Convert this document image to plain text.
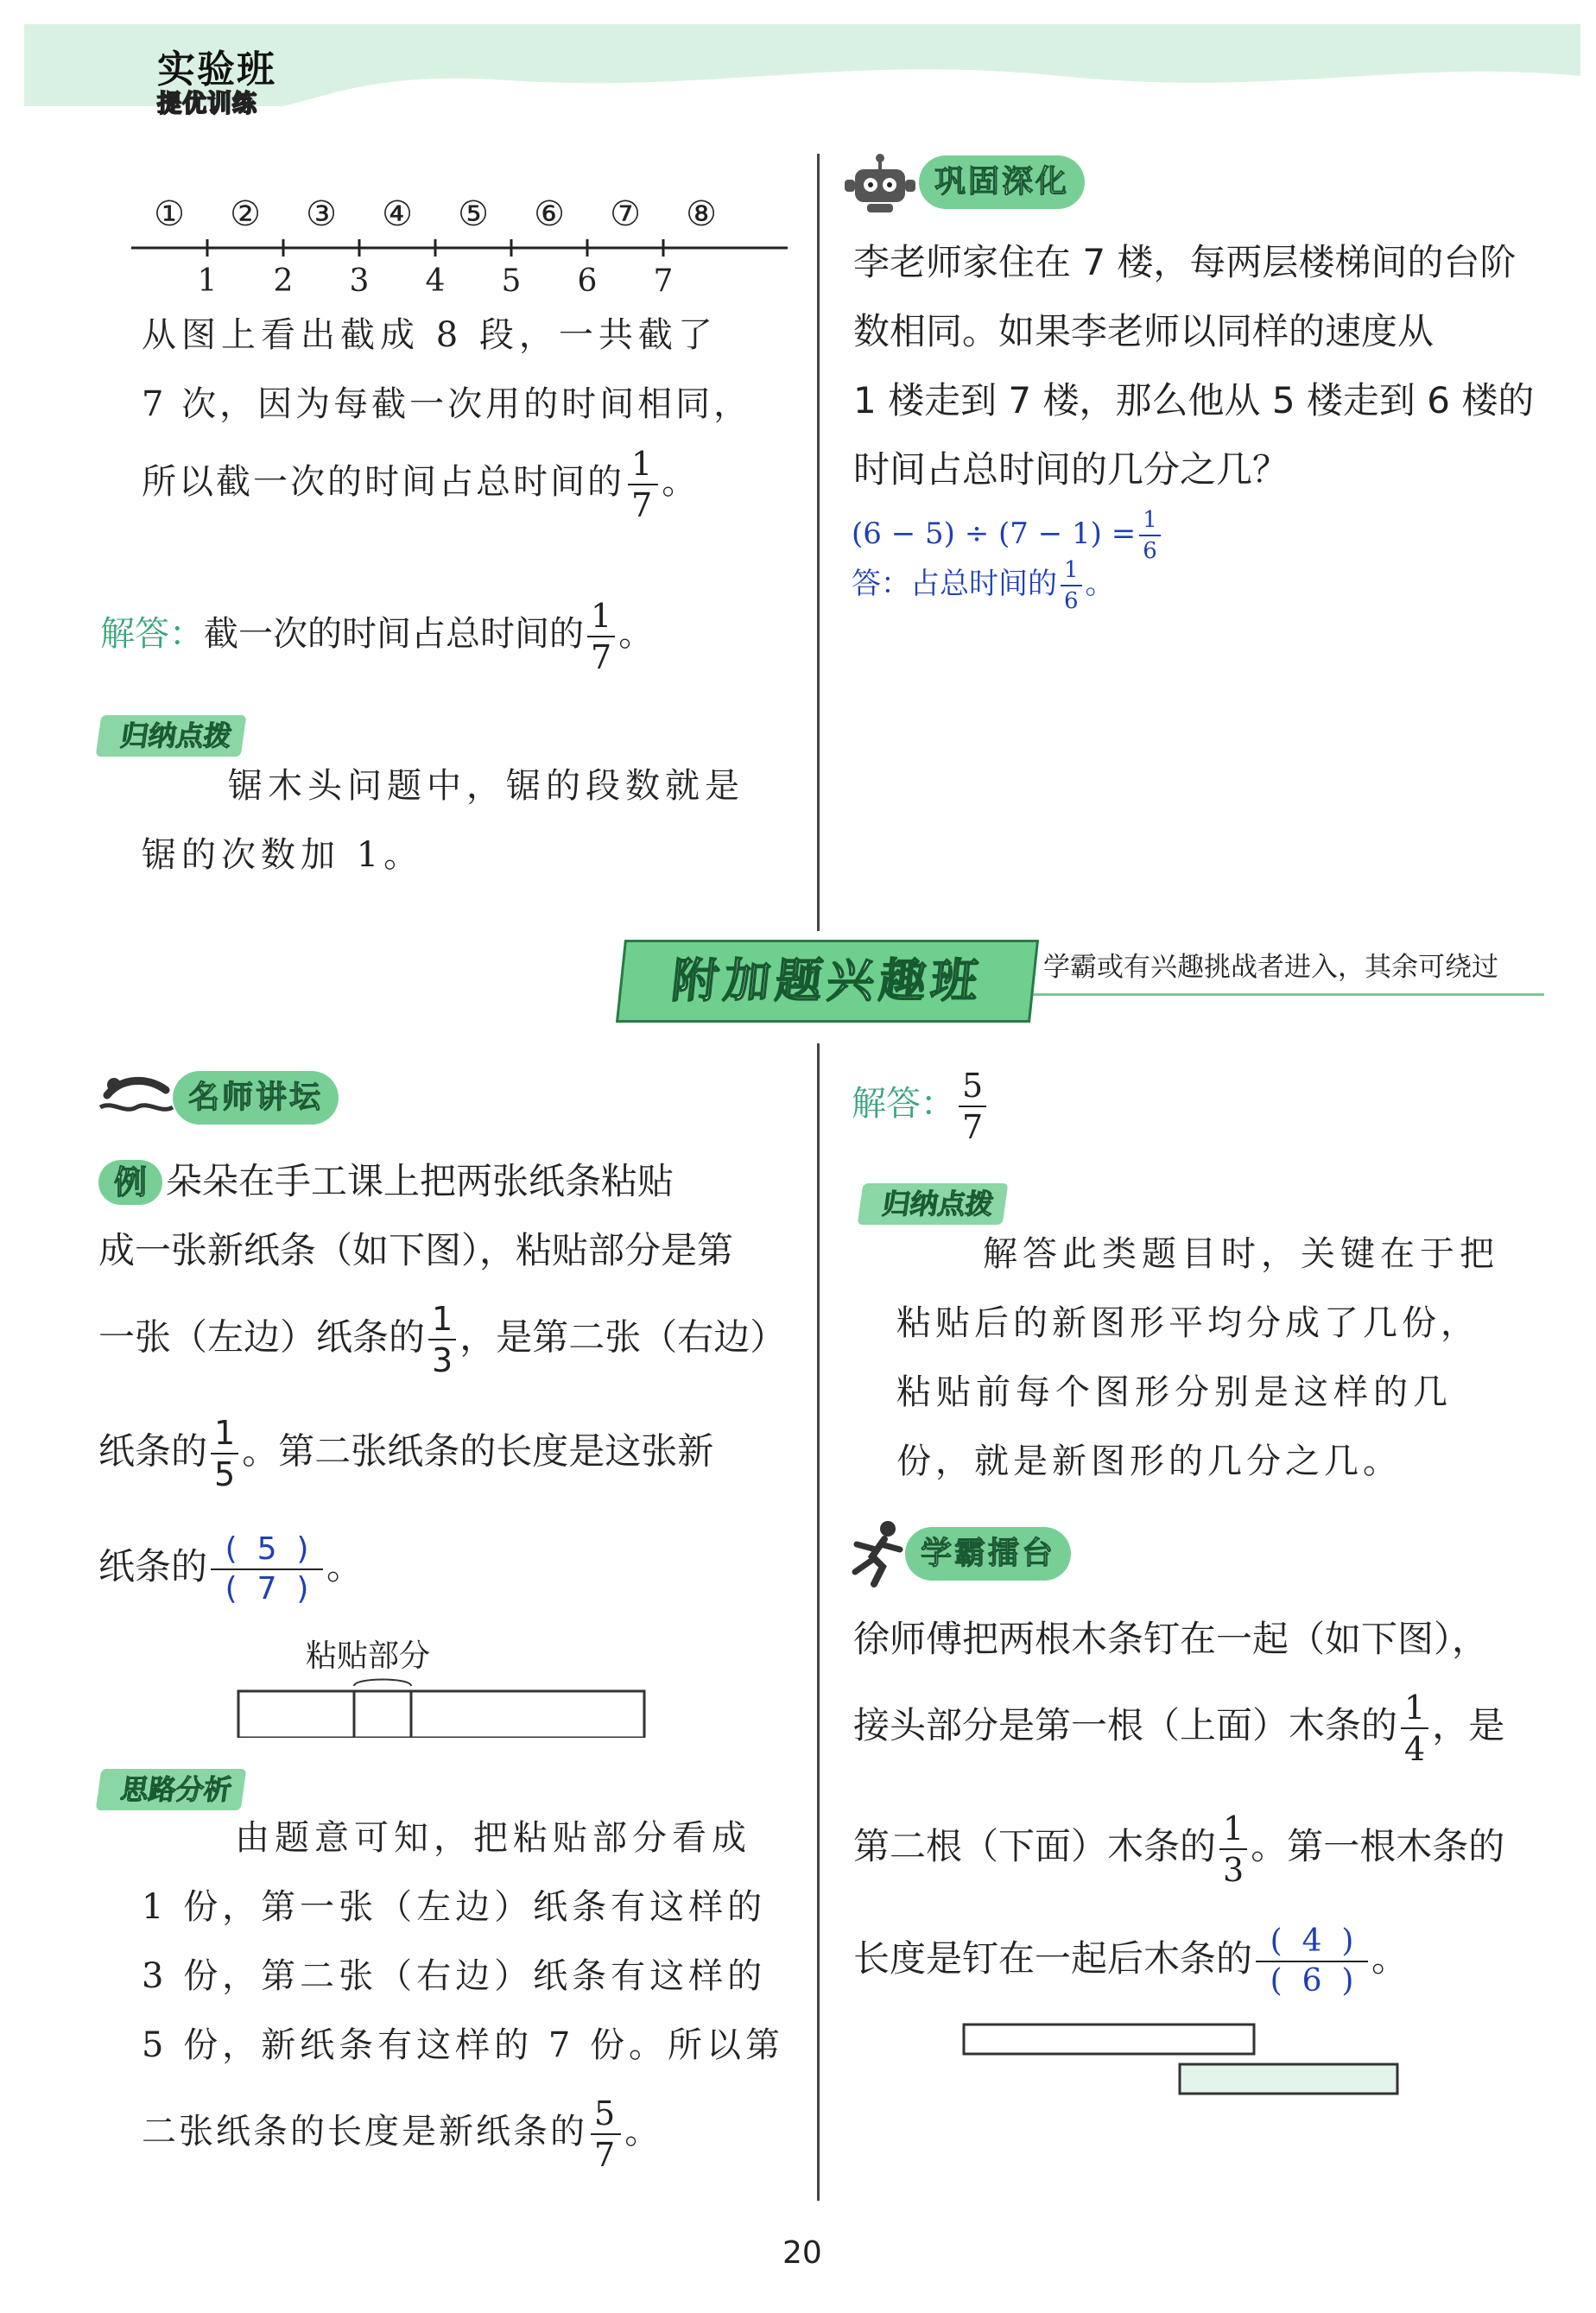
实验班
提优训练
① ② ③ ④ ⑤ ⑥ ⑦ ⑧
1 2 3 4 5 6 7
从图上看出截成 8 段，一共截了
7 次，因为每截一次用的时间相同，
所以截一次的时间占总时间的 $\frac{1}{7}$ 。
解答：截一次的时间占总时间的 $\frac{1}{7}$ 。
归纳点拨
锯木头问题中，锯的段数就是
锯的次数加 1。
巩固深化
李老师家住在 7 楼，每两层楼梯间的台阶
数相同。如果李老师以同样的速度从
1 楼走到 7 楼，那么他从 5 楼走到 6 楼的
时间占总时间的几分之几？
$(6 - 5) \div (7 - 1) = \frac{1}{6}$
答：占总时间的 $\frac{1}{6}$ 。
附加题兴趣班	学霸或有兴趣挑战者进入，其余可绕过
名师讲坛
例 朵朵在手工课上把两张纸条粘贴
成一张新纸条（如下图），粘贴部分是第
一张（左边）纸条的 $\frac{1}{3}$ ，是第二张（右边）
纸条的 $\frac{1}{5}$ 。第二张纸条的长度是这张新
纸条的 $\frac{( 5 )}{( 7 )}$ 。
粘贴部分
思路分析
由题意可知，把粘贴部分看成
1 份，第一张（左边）纸条有这样的
3 份，第二张（右边）纸条有这样的
5 份，新纸条有这样的 7 份。所以第
二张纸条的长度是新纸条的 $\frac{5}{7}$ 。
解答： $\frac{5}{7}$
归纳点拨
解答此类题目时，关键在于把
粘贴后的新图形平均分成了几份，
粘贴前每个图形分别是这样的几
份，就是新图形的几分之几。
学霸擂台
徐师傅把两根木条钉在一起（如下图），
接头部分是第一根（上面）木条的 $\frac{1}{4}$ ，是
第二根（下面）木条的 $\frac{1}{3}$ 。第一根木条的
长度是钉在一起后木条的 $\frac{( 4 )}{( 6 )}$ 。
20
